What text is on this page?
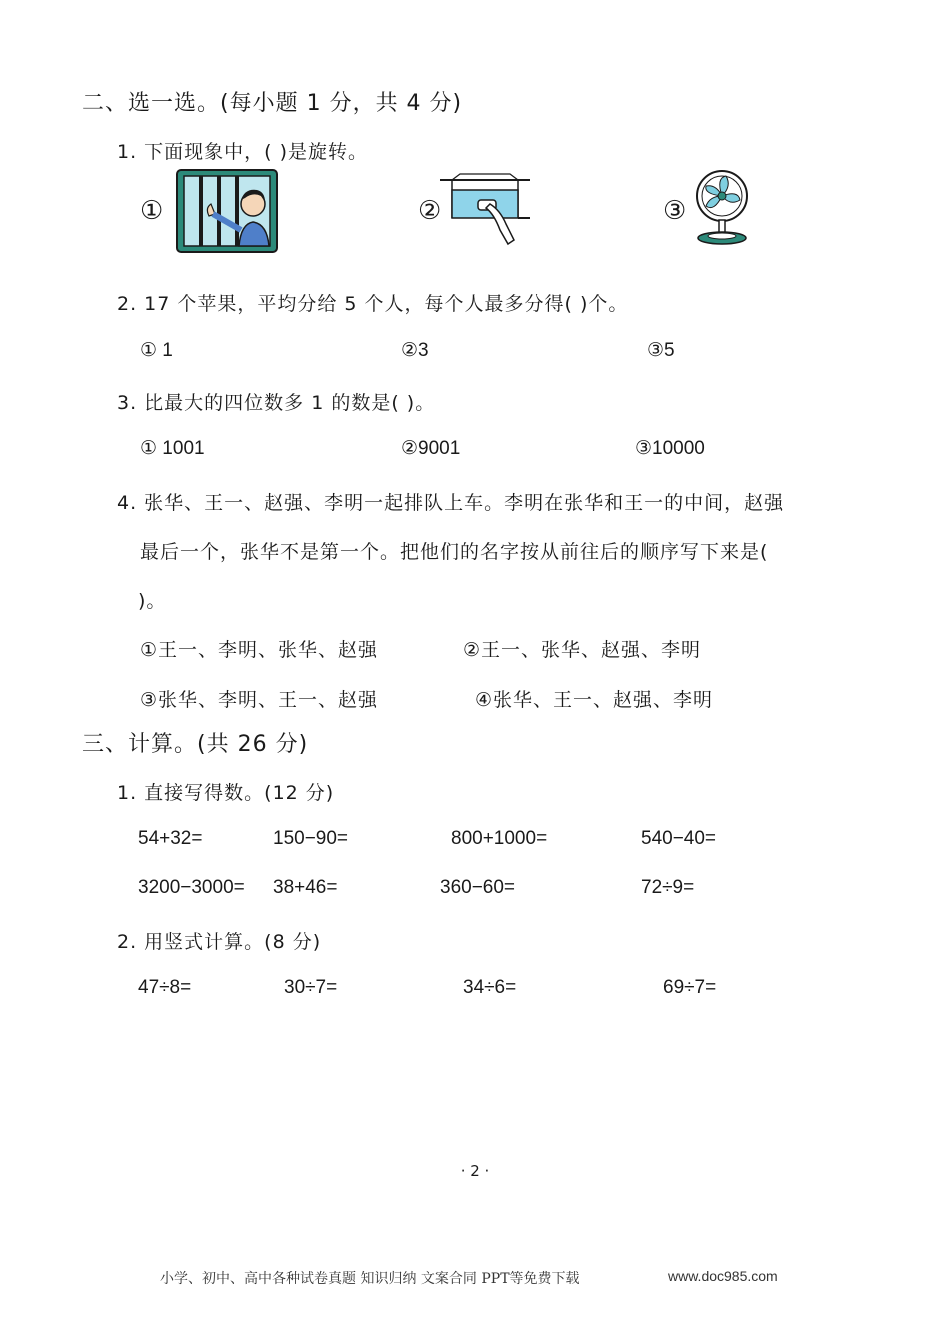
二、选一选。(每小题 1 分，共 4 分)
1. 下面现象中，( )是旋转。
①	②	③
2. 17 个苹果，平均分给 5 个人，每个人最多分得( )个。
① 1	②3	③5
3. 比最大的四位数多 1 的数是( )。
① 1001	②9001	③10000
4. 张华、王一、赵强、李明一起排队上车。李明在张华和王一的中间，赵强
最后一个，张华不是第一个。把他们的名字按从前往后的顺序写下来是(
)。
①王一、李明、张华、赵强	②王一、张华、赵强、李明
③张华、李明、王一、赵强	④张华、王一、赵强、李明
三、计算。(共 26 分)
1. 直接写得数。(12 分)
54+32=	150−90=	800+1000=	540−40=
3200−3000= 38+46=	360−60=	72÷9=
2. 用竖式计算。(8 分)
47÷8=	30÷7=	34÷6=	69÷7=
· 2 ·
小学、初中、高中各种试卷真题 知识归纳 文案合同 PPT等免费下载	www.doc985.com
